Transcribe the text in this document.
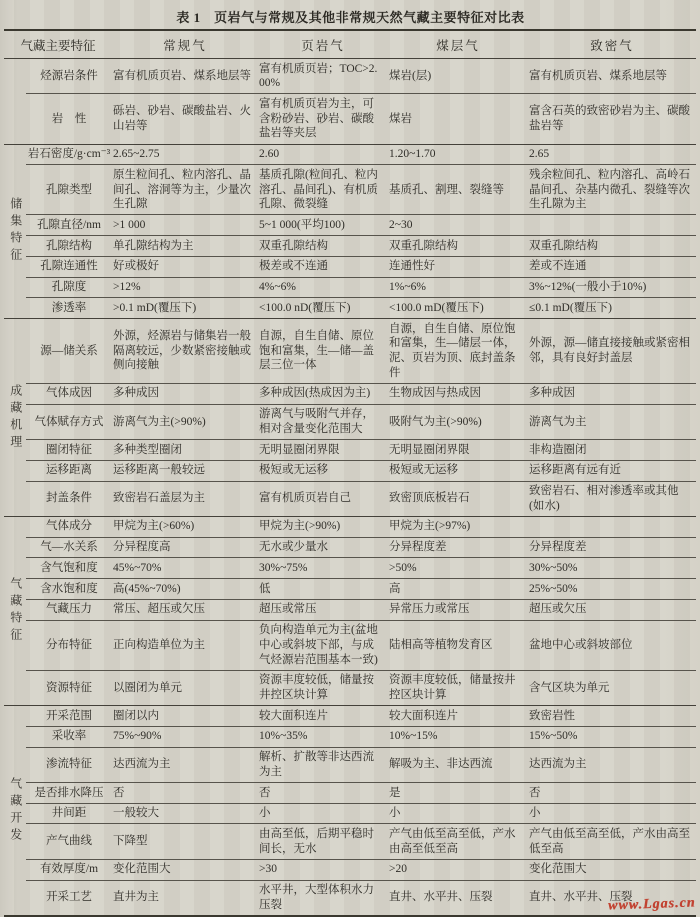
表 1　页岩气与常规及其他非常规天然气藏主要特征对比表
气藏主要特征		常规气	页岩气	煤层气	致密气
	烃源岩条件	富有机质页岩、煤系地层等	富有机质页岩；TOC>2.00%	煤岩(层)	富有机质页岩、煤系地层等
	岩　性	砾岩、砂岩、碳酸盐岩、火山岩等	富有机质页岩为主，可含粉砂岩、砂岩、碳酸盐岩等夹层	煤岩	富含石英的致密砂岩为主、碳酸盐岩等
储集特征	岩石密度/g·cm⁻³	2.65~2.75	2.60	1.20~1.70	2.65
	孔隙类型	原生粒间孔、粒内溶孔、晶间孔、溶洞等为主，少量次生孔隙	基质孔隙(粒间孔、粒内溶孔、晶间孔)、有机质孔隙、微裂缝	基质孔、割理、裂缝等	残余粒间孔、粒内溶孔、高岭石晶间孔、杂基内微孔、裂缝等次生孔隙为主
	孔隙直径/nm	>1 000	5~1 000(平均100)	2~30	
	孔隙结构	单孔隙结构为主	双重孔隙结构	双重孔隙结构	双重孔隙结构
	孔隙连通性	好或极好	极差或不连通	连通性好	差或不连通
	孔隙度	>12%	4%~6%	1%~6%	3%~12%(一般小于10%)
	渗透率	>0.1 mD(覆压下)	<100.0 nD(覆压下)	<100.0 mD(覆压下)	≤0.1 mD(覆压下)
成藏机理	源—储关系	外源，烃源岩与储集岩一般隔离较远，少数紧密接触或侧向接触	自源，自生自储、原位饱和富集，生—储—盖层三位一体	自源，自生自储、原位饱和富集，生—储层一体，泥、页岩为顶、底封盖条件	外源，源—储直接接触或紧密相邻，具有良好封盖层
	气体成因	多种成因	多种成因(热成因为主)	生物成因与热成因	多种成因
	气体赋存方式	游离气为主(>90%)	游离气与吸附气并存，相对含量变化范围大	吸附气为主(>90%)	游离气为主
	圈闭特征	多种类型圈闭	无明显圈闭界限	无明显圈闭界限	非构造圈闭
	运移距离	运移距离一般较远	极短或无运移	极短或无运移	运移距离有远有近
	封盖条件	致密岩石盖层为主	富有机质页岩自己	致密顶底板岩石	致密岩石、相对渗透率或其他(如水)
气藏特征	气体成分	甲烷为主(>60%)	甲烷为主(>90%)	甲烷为主(>97%)	
	气—水关系	分异程度高	无水或少量水	分异程度差	分异程度差
	含气饱和度	45%~70%	30%~75%	>50%	30%~50%
	含水饱和度	高(45%~70%)	低	高	25%~50%
	气藏压力	常压、超压或欠压	超压或常压	异常压力或常压	超压或欠压
	分布特征	正向构造单位为主	负向构造单元为主(盆地中心或斜坡下部，与成气烃源岩范围基本一致)	陆相高等植物发育区	盆地中心或斜坡部位
	资源特征	以圈闭为单元	资源丰度较低，储量按井控区块计算	资源丰度较低，储量按井控区块计算	含气区块为单元
气藏开发	开采范围	圈闭以内	较大面积连片	较大面积连片	致密岩性
	采收率	75%~90%	10%~35%	10%~15%	15%~50%
	渗流特征	达西流为主	解析、扩散等非达西流为主	解吸为主、非达西流	达西流为主
	是否排水降压	否	否	是	否
	井间距	一般较大	小	小	小
	产气曲线	下降型	由高至低，后期平稳时间长，无水	产气由低至高至低，产水由高至低至高	产气由低至高至低，产水由高至低至高
	有效厚度/m	变化范围大	>30	>20	变化范围大
	开采工艺	直井为主	水平井，大型体积水力压裂	直井、水平井、压裂	直井、水平井、压裂
www.Lgas.cn
